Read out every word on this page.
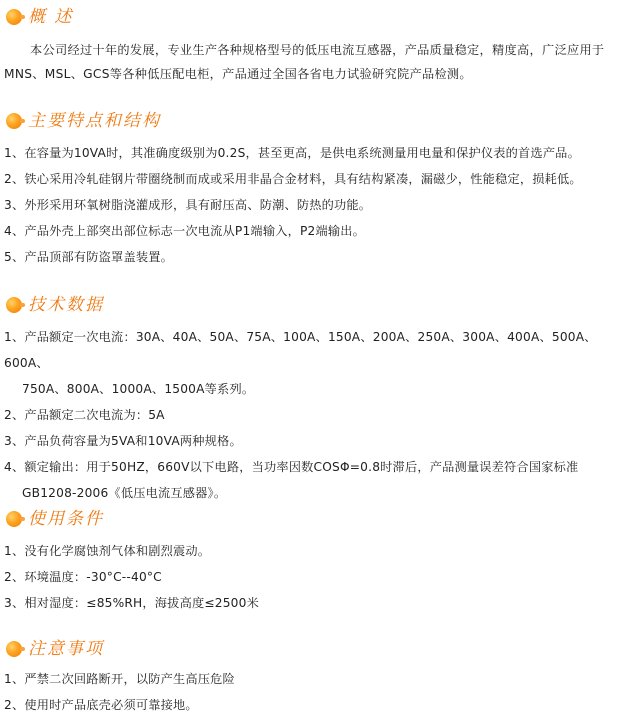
概 述
本公司经过十年的发展，专业生产各种规格型号的低压电流互感器，产品质量稳定，精度高，广泛应用于MNS、MSL、GCS等各种低压配电柜，产品通过全国各省电力试验研究院产品检测。
主要特点和结构
1、在容量为10VA时，其准确度级别为0.2S，甚至更高，是供电系统测量用电量和保护仪表的首选产品。
2、铁心采用冷轧硅钢片带圈绕制而成或采用非晶合金材料，具有结构紧凑，漏磁少，性能稳定，损耗低。
3、外形采用环氧树脂浇灌成形，具有耐压高、防潮、防热的功能。
4、产品外壳上部突出部位标志一次电流从P1端输入，P2端输出。
5、产品顶部有防盗罩盖装置。
技术数据
1、产品额定一次电流：30A、40A、50A、75A、100A、150A、200A、250A、300A、400A、500A、600A、
750A、800A、1000A、1500A等系列。
2、产品额定二次电流为：5A
3、产品负荷容量为5VA和10VA两种规格。
4、额定输出：用于50HZ，660V以下电路，当功率因数COSΦ=0.8时滞后，产品测量误差符合国家标准
GB1208-2006《低压电流互感器》。
使用条件
1、没有化学腐蚀剂气体和剧烈震动。
2、环境温度：-30°C--40°C
3、相对湿度：≤85%RH，海拔高度≤2500米
注意事项
1、严禁二次回路断开，以防产生高压危险
2、使用时产品底壳必须可靠接地。
